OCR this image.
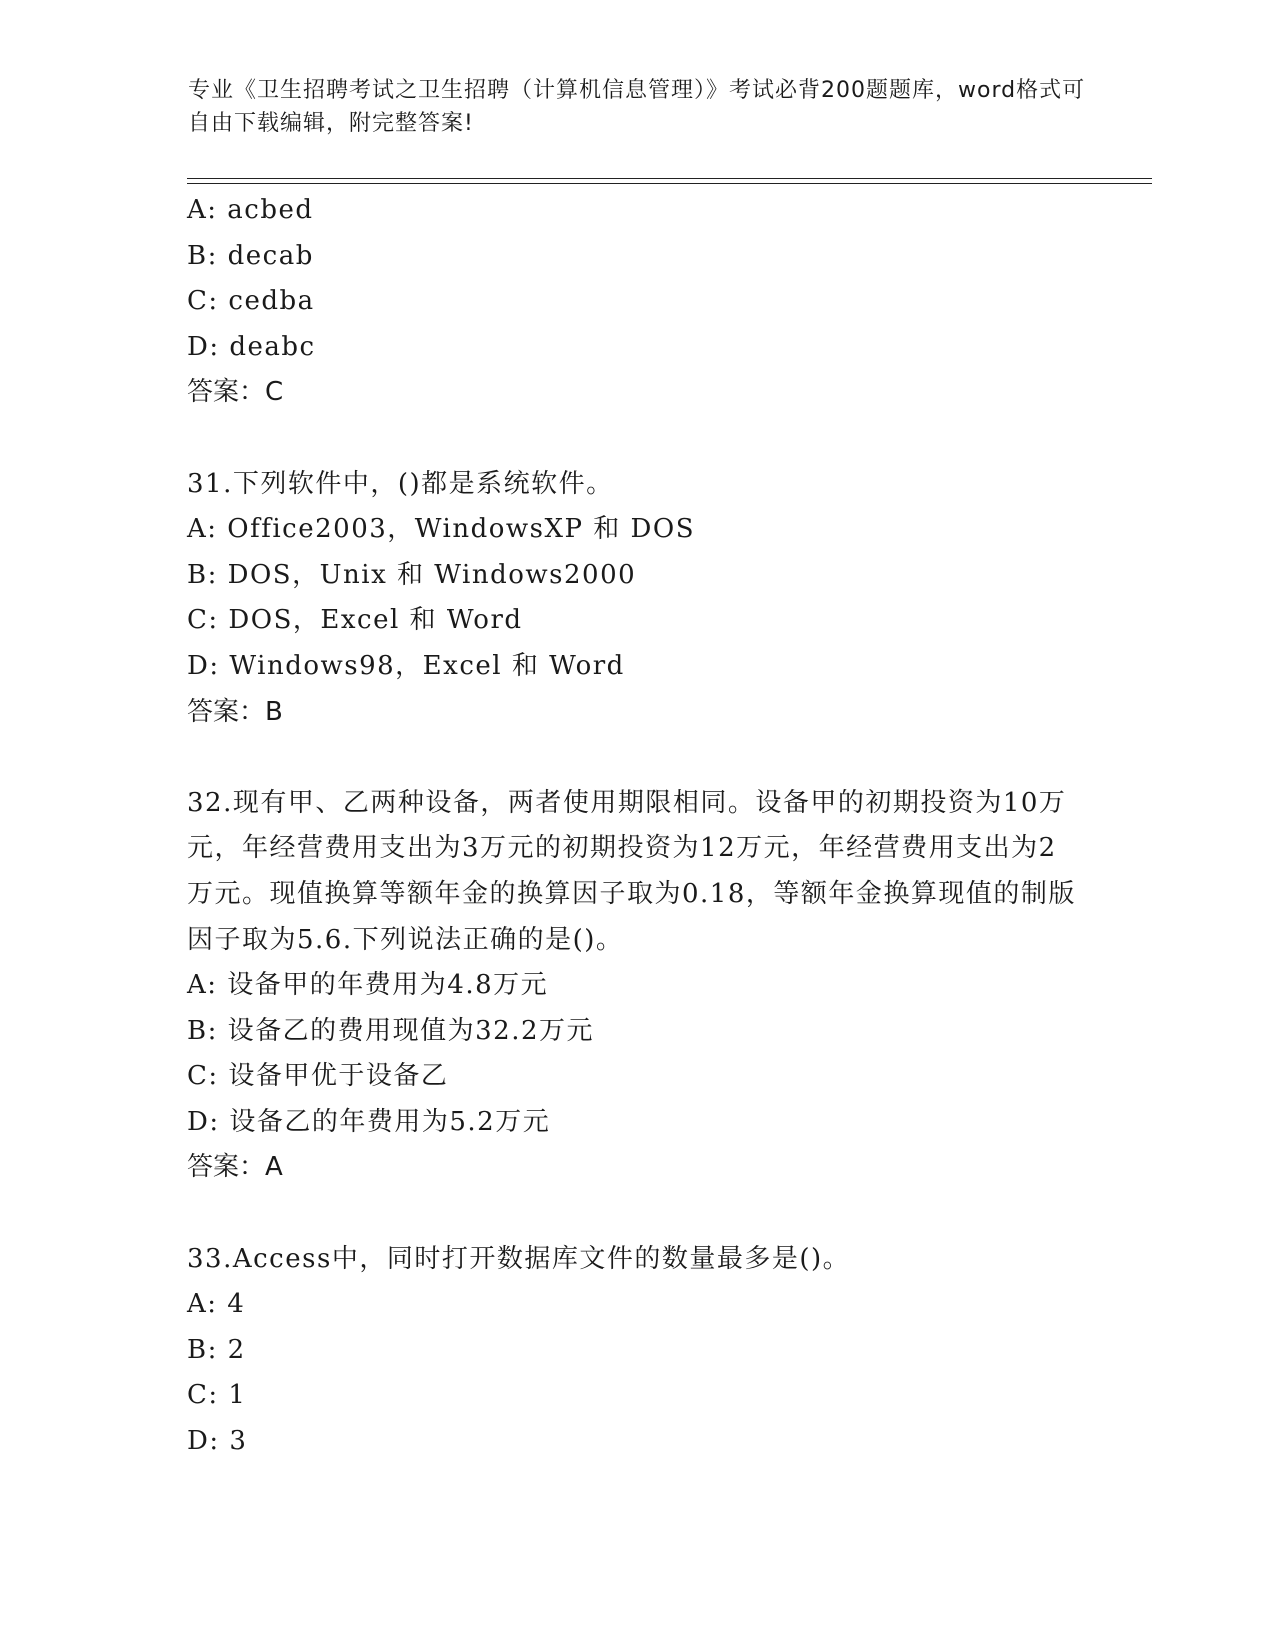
专业《卫生招聘考试之卫生招聘（计算机信息管理）》考试必背200题题库，word格式可自由下载编辑，附完整答案!
A: acbed
B: decab
C: cedba
D: deabc
答案：C
31.下列软件中，()都是系统软件。
A: Office2003，WindowsXP 和 DOS
B: DOS，Unix 和 Windows2000
C: DOS，Excel 和 Word
D: Windows98，Excel 和 Word
答案：B
32.现有甲、乙两种设备，两者使用期限相同。设备甲的初期投资为10万元，年经营费用支出为3万元的初期投资为12万元，年经营费用支出为2万元。现值换算等额年金的换算因子取为0.18，等额年金换算现值的制版因子取为5.6.下列说法正确的是()。
A: 设备甲的年费用为4.8万元
B: 设备乙的费用现值为32.2万元
C: 设备甲优于设备乙
D: 设备乙的年费用为5.2万元
答案：A
33.Access中，同时打开数据库文件的数量最多是()。
A: 4
B: 2
C: 1
D: 3
